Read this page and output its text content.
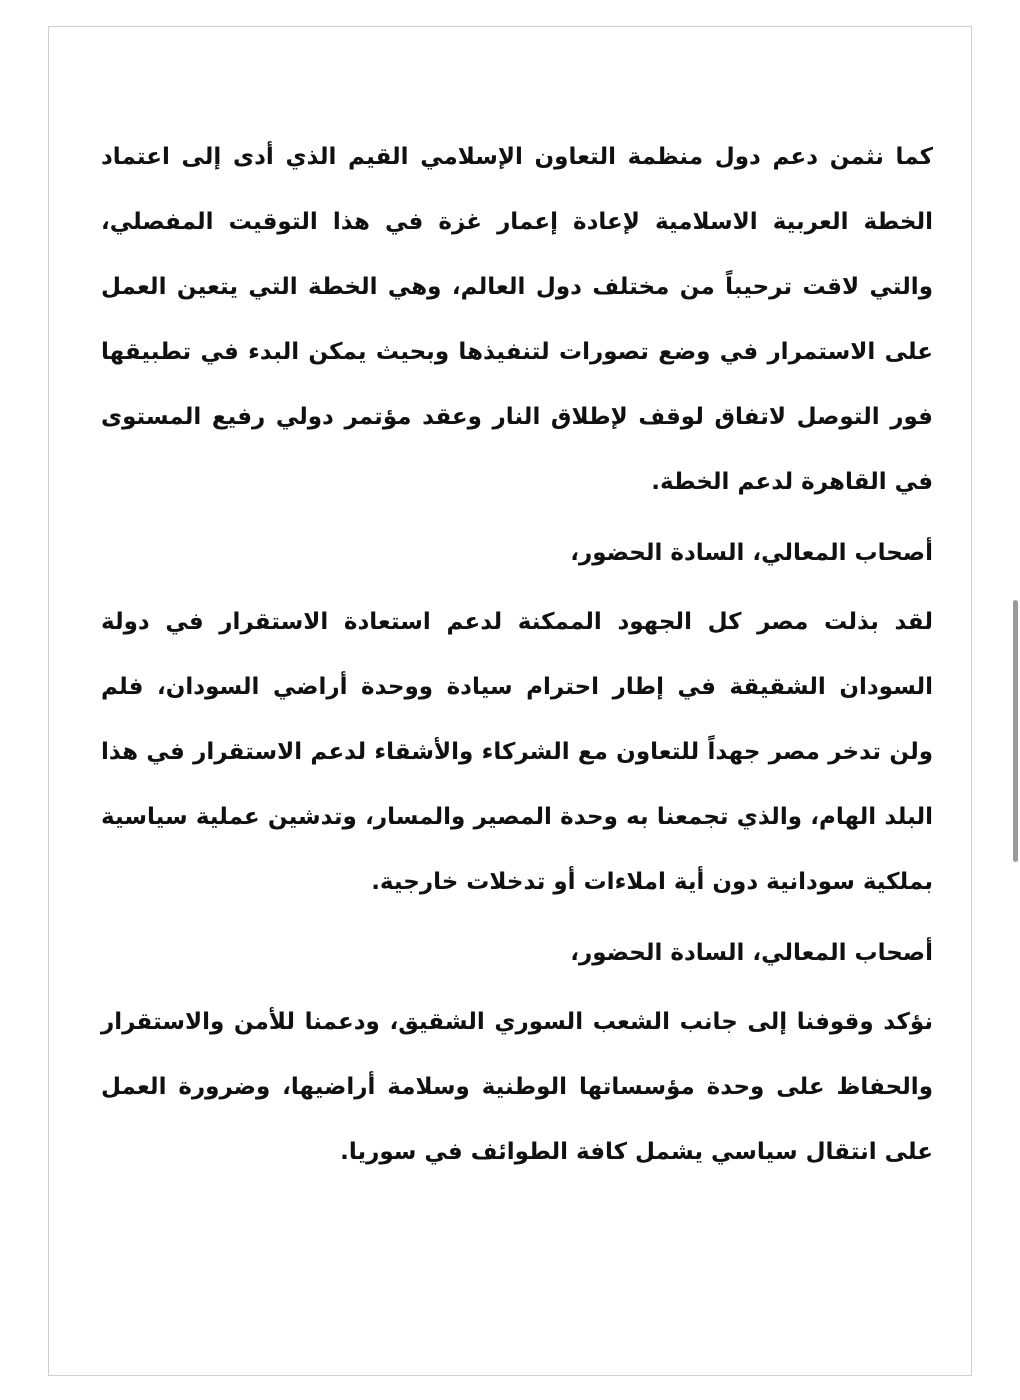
كما نثمن دعم دول منظمة التعاون الإسلامي القيم الذي أدى إلى اعتماد الخطة العربية الاسلامية لإعادة إعمار غزة في هذا التوقيت المفصلي، والتي لاقت ترحيباً من مختلف دول العالم، وهي الخطة التي يتعين العمل على الاستمرار في وضع تصورات لتنفيذها وبحيث يمكن البدء في تطبيقها فور التوصل لاتفاق لوقف لإطلاق النار وعقد مؤتمر دولي رفيع المستوى في القاهرة لدعم الخطة.

أصحاب المعالي، السادة الحضور،

لقد بذلت مصر كل الجهود الممكنة لدعم استعادة الاستقرار في دولة السودان الشقيقة في إطار احترام سيادة ووحدة أراضي السودان، فلم ولن تدخر مصر جهداً للتعاون مع الشركاء والأشقاء لدعم الاستقرار في هذا البلد الهام، والذي تجمعنا به وحدة المصير والمسار، وتدشين عملية سياسية بملكية سودانية دون أية املاءات أو تدخلات خارجية.

أصحاب المعالي، السادة الحضور،

نؤكد وقوفنا إلى جانب الشعب السوري الشقيق، ودعمنا للأمن والاستقرار والحفاظ على وحدة مؤسساتها الوطنية وسلامة أراضيها، وضرورة العمل على انتقال سياسي يشمل كافة الطوائف في سوريا.
